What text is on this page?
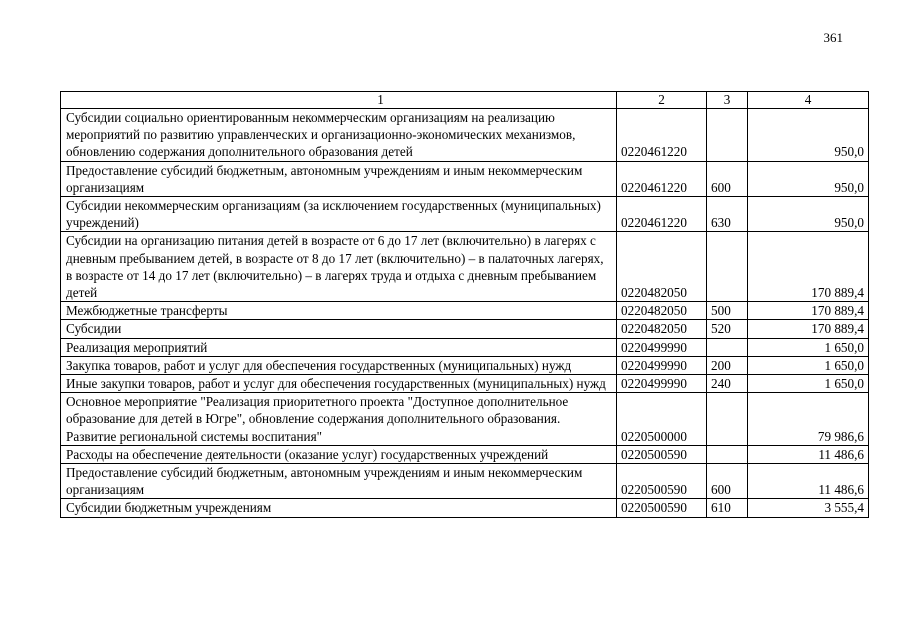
361
1	2	3	4
Субсидии социально ориентированным некоммерческим организациям на реализацию мероприятий по развитию управленческих и организационно-экономических механизмов, обновлению содержания дополнительного образования детей	0220461220		950,0
Предоставление субсидий бюджетным, автономным учреждениям и иным некоммерческим организациям	0220461220	600	950,0
Субсидии некоммерческим организациям (за исключением государственных (муниципальных) учреждений)	0220461220	630	950,0
Субсидии на организацию питания детей в возрасте от 6 до 17 лет (включительно) в лагерях с дневным пребыванием детей, в возрасте от 8 до 17 лет (включительно) – в палаточных лагерях, в возрасте от 14 до 17 лет (включительно) – в лагерях труда и отдыха с дневным пребыванием детей	0220482050		170 889,4
Межбюджетные трансферты	0220482050	500	170 889,4
Субсидии	0220482050	520	170 889,4
Реализация мероприятий	0220499990		1 650,0
Закупка товаров, работ и услуг для обеспечения государственных (муниципальных) нужд	0220499990	200	1 650,0
Иные закупки товаров, работ и услуг для обеспечения государственных (муниципальных) нужд	0220499990	240	1 650,0
Основное мероприятие "Реализация приоритетного проекта "Доступное дополнительное образование для детей в Югре", обновление содержания дополнительного образования. Развитие региональной системы воспитания"	0220500000		79 986,6
Расходы на обеспечение деятельности (оказание услуг) государственных учреждений	0220500590		11 486,6
Предоставление субсидий бюджетным, автономным учреждениям и иным некоммерческим организациям	0220500590	600	11 486,6
Субсидии бюджетным учреждениям	0220500590	610	3 555,4
